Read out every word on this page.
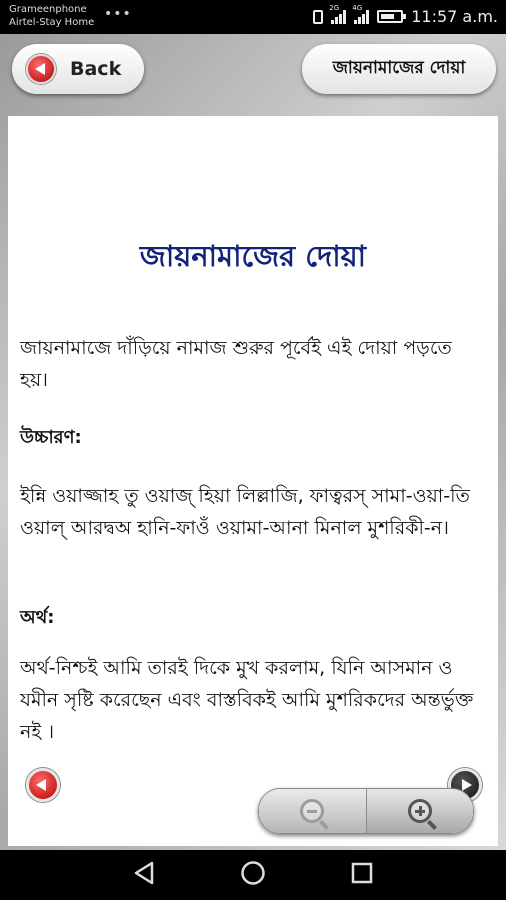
Grameenphone
Airtel-Stay Home
•••	2G 4G	11:57 a.m.
Back	জায়নামাজের দোয়া
জায়নামাজের দোয়া

জায়নামাজে দাঁড়িয়ে নামাজ শুরুর পূর্বেই এই দোয়া পড়তে হয়।

উচ্চারণ:

ইন্নি ওয়াজ্জাহ তু ওয়াজ্ হিয়া লিল্লাজি, ফাত্বরস্ সামা-ওয়া-তি ওয়াল্ আরদ্বঅ হানি-ফাওঁ ওয়ামা-আনা মিনাল মুশরিকী-ন।

অর্থ:

অর্থ-নিশ্চই আমি তারই দিকে মুখ করলাম, যিনি আসমান ও যমীন সৃষ্টি করেছেন এবং বাস্তবিকই আমি মুশরিকদের অন্তর্ভুক্ত নই ।
